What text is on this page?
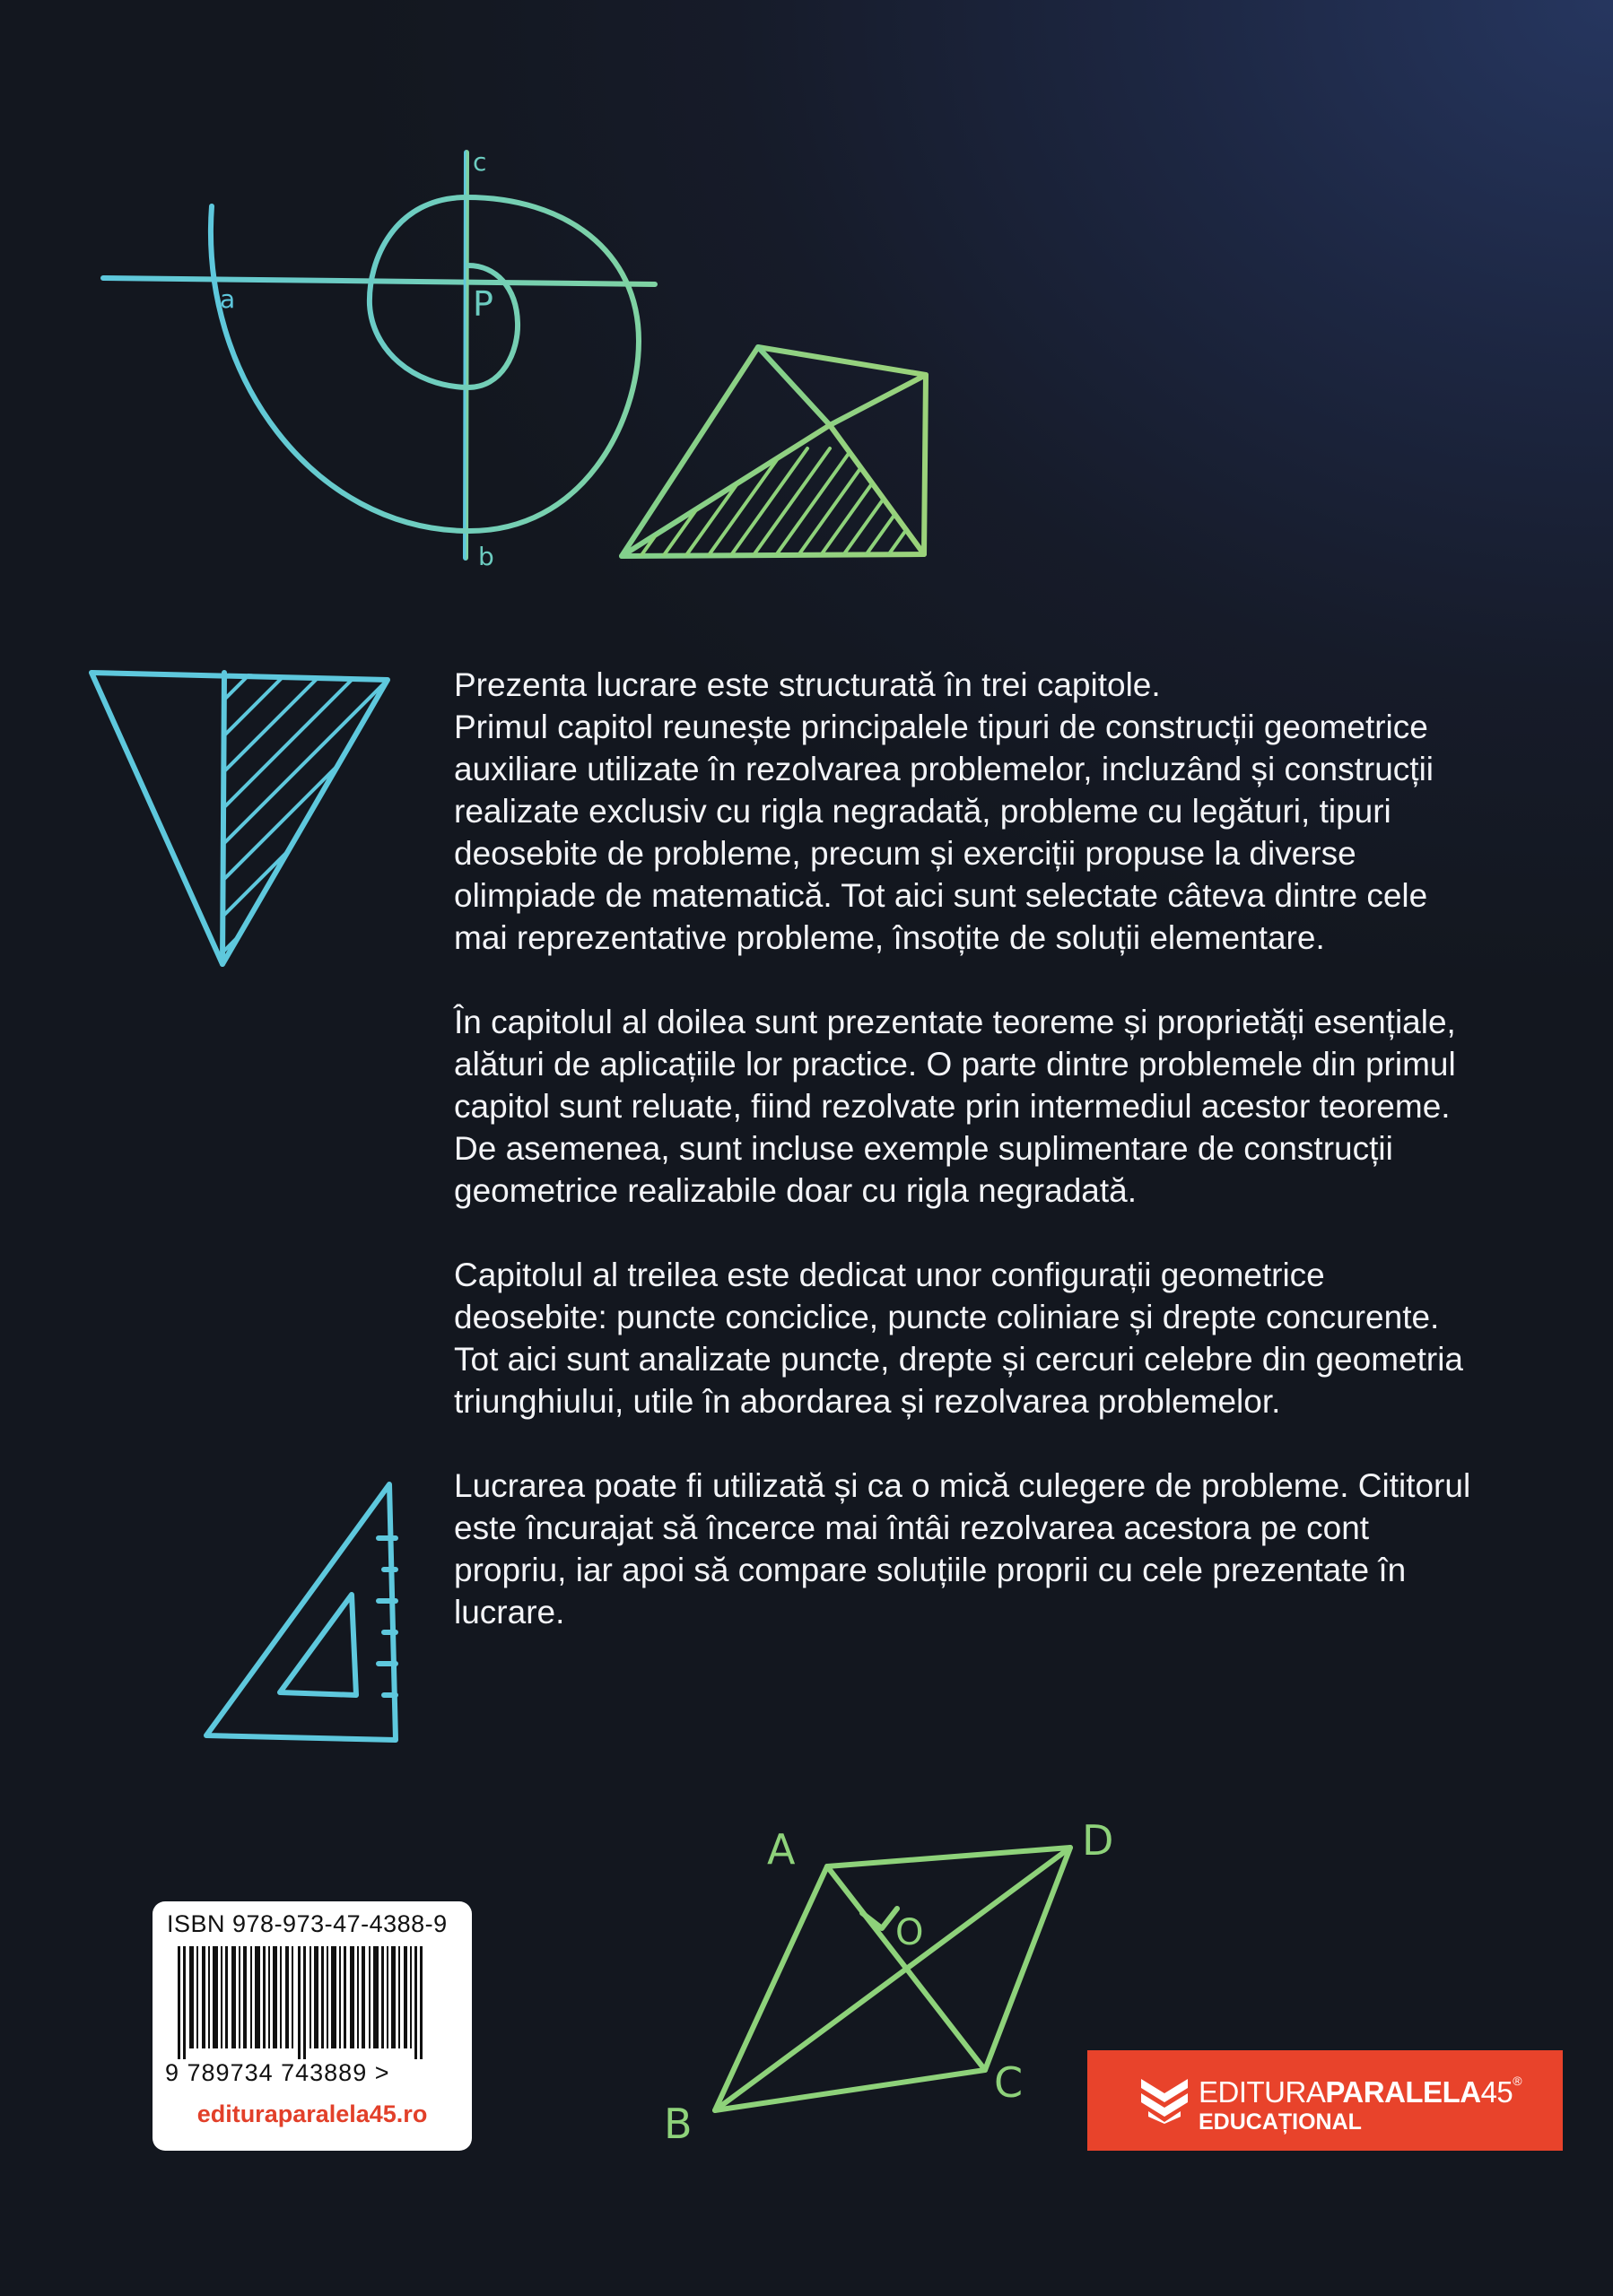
a
c
b
P
A	D
B
C
O

Prezenta lucrare este structurată în trei capitole.
Primul capitol reunește principalele tipuri de construcții geometrice auxiliare utilizate în rezolvarea problemelor, incluzând și construcții realizate exclusiv cu rigla negradată, probleme cu legături, tipuri deosebite de probleme, precum și exerciții propuse la diverse olimpiade de matematică. Tot aici sunt selectate câteva dintre cele mai reprezentative probleme, însoțite de soluții elementare.

În capitolul al doilea sunt prezentate teoreme și proprietăți esențiale, alături de aplicațiile lor practice. O parte dintre problemele din primul capitol sunt reluate, fiind rezolvate prin intermediul acestor teoreme. De asemenea, sunt incluse exemple suplimentare de construcții geometrice realizabile doar cu rigla negradată.

Capitolul al treilea este dedicat unor configurații geometrice deosebite: puncte conciclice, puncte coliniare și drepte concurente. Tot aici sunt analizate puncte, drepte și cercuri celebre din geometria triunghiului, utile în abordarea și rezolvarea problemelor.

Lucrarea poate fi utilizată și ca o mică culegere de probleme. Cititorul este încurajat să încerce mai întâi rezolvarea acestora pe cont propriu, iar apoi să compare soluțiile proprii cu cele prezentate în lucrare.

ISBN 978-973-47-4388-9
9 789734 743889 >
edituraparalela45.ro
EDITURAPARALELA45®
EDUCAȚIONAL
